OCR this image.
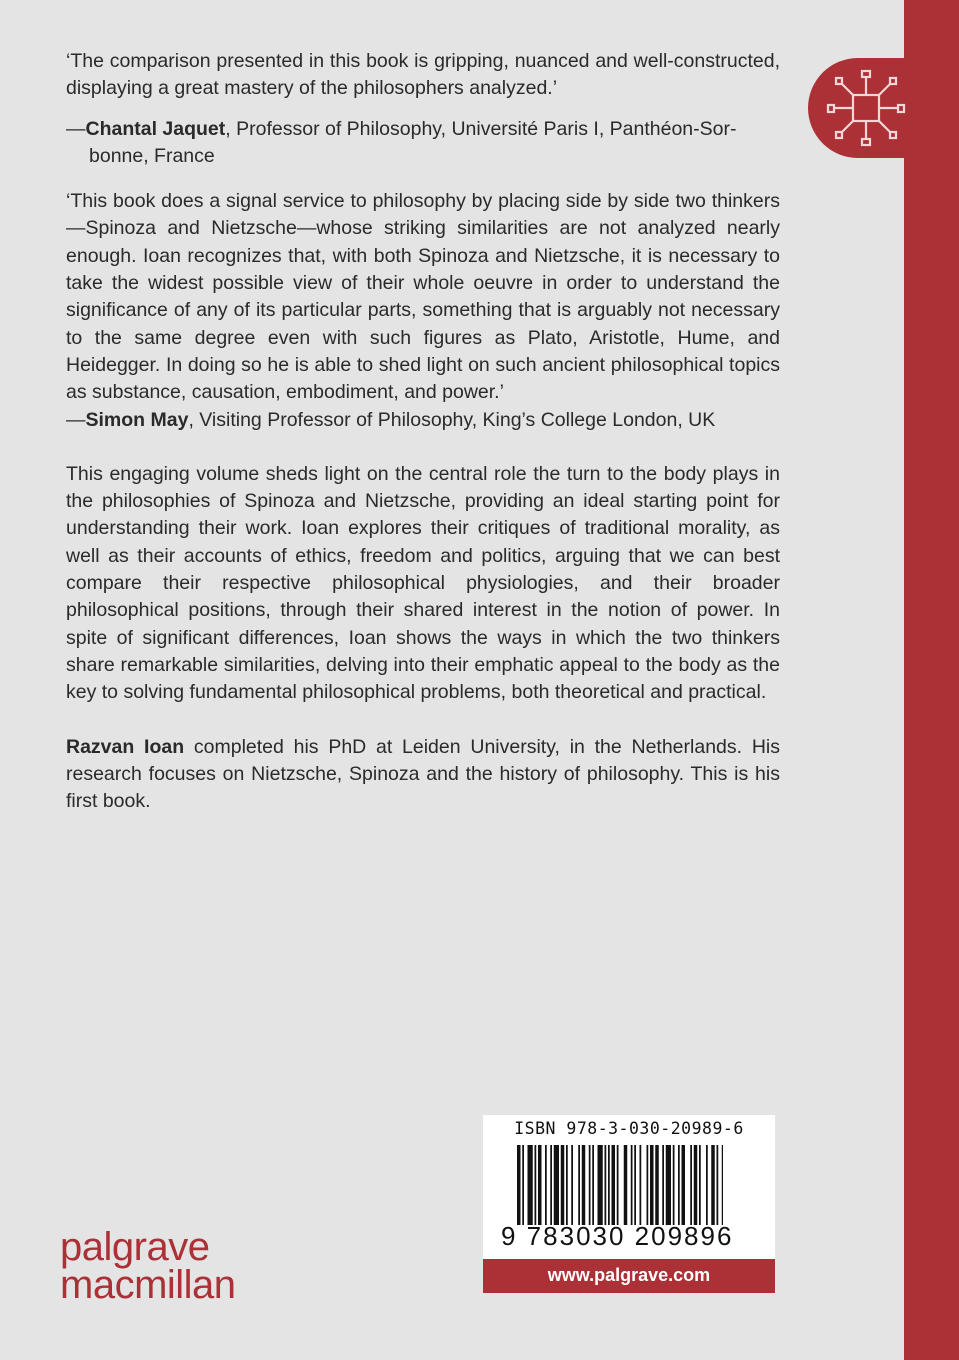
‘The comparison presented in this book is gripping, nuanced and well-constructed, displaying a great mastery of the philosophers analyzed.’

—Chantal Jaquet, Professor of Philosophy, Université Paris I, Panthéon-Sor-
bonne, France

‘This book does a signal service to philosophy by placing side by side two thinkers—Spinoza and Nietzsche—whose striking similarities are not analyzed nearly enough. Ioan recognizes that, with both Spinoza and Nietzsche, it is necessary to take the widest possible view of their whole oeuvre in order to understand the significance of any of its particular parts, something that is arguably not necessary to the same degree even with such figures as Plato, Aristotle, Hume, and Heidegger. In doing so he is able to shed light on such ancient philosophical topics as substance, causation, embodiment, and power.’

—Simon May, Visiting Professor of Philosophy, King’s College London, UK

This engaging volume sheds light on the central role the turn to the body plays in the philosophies of Spinoza and Nietzsche, providing an ideal starting point for understanding their work. Ioan explores their critiques of traditional morality, as well as their accounts of ethics, freedom and politics, arguing that we can best compare their respective philosophical physiologies, and their broader philosophical positions, through their shared interest in the notion of power. In spite of significant differences, Ioan shows the ways in which the two thinkers share remarkable similarities, delving into their emphatic appeal to the body as the key to solving fundamental philosophical problems, both theoretical and practical.

Razvan Ioan completed his PhD at Leiden University, in the Netherlands. His research focuses on Nietzsche, Spinoza and the history of philosophy. This is his first book.

ISBN 978-3-030-20989-6
9 783030 209896
www.palgrave.com
palgrave
macmillan
